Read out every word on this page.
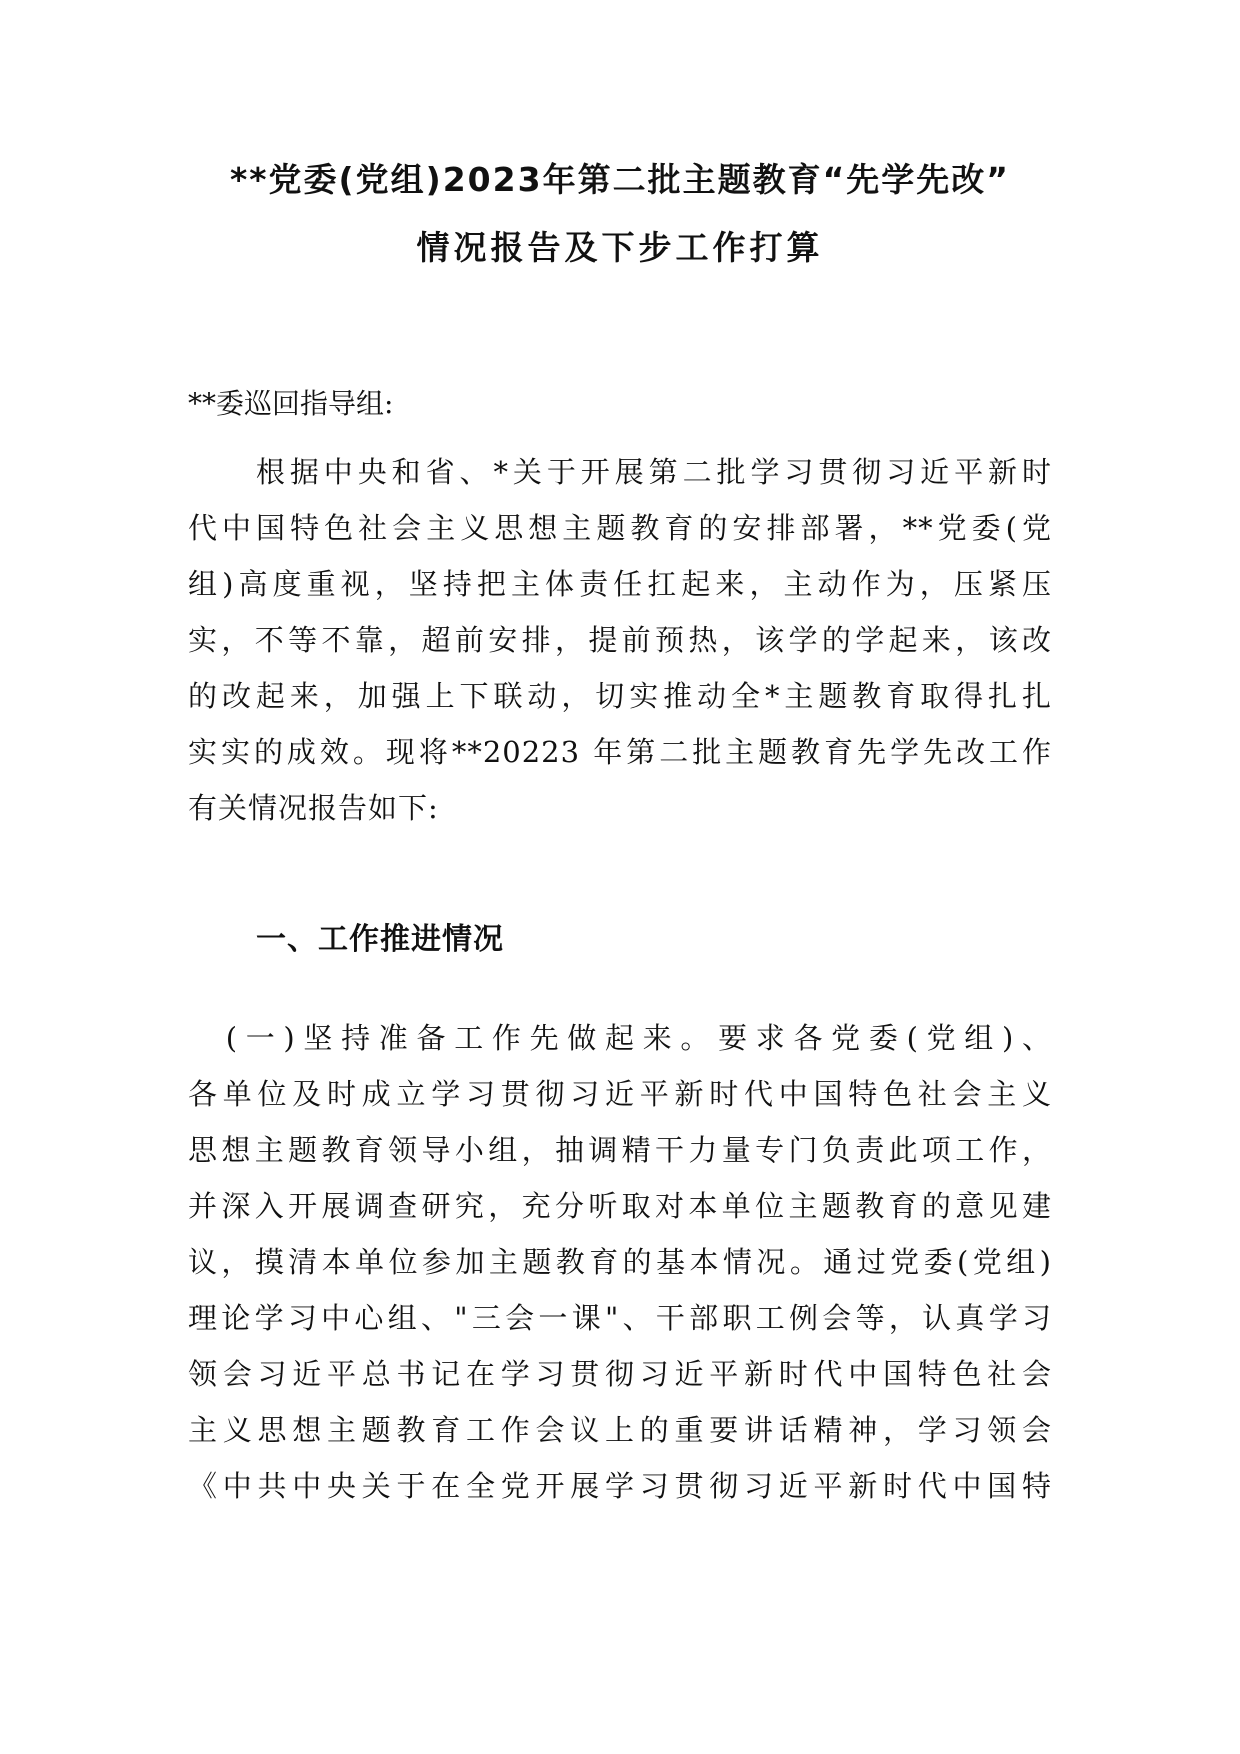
**党委(党组)2023年第二批主题教育“先学先改”
情况报告及下步工作打算
**委巡回指导组:
　　根据中央和省、*关于开展第二批学习贯彻习近平新时
代中国特色社会主义思想主题教育的安排部署，**党委(党
组)高度重视，坚持把主体责任扛起来，主动作为，压紧压
实，不等不靠，超前安排，提前预热，该学的学起来，该改
的改起来，加强上下联动，切实推动全*主题教育取得扎扎
实实的成效。现将**20223 年第二批主题教育先学先改工作
有关情况报告如下:
一、工作推进情况
　(一)坚持准备工作先做起来。要求各党委(党组)、
各单位及时成立学习贯彻习近平新时代中国特色社会主义
思想主题教育领导小组，抽调精干力量专门负责此项工作，
并深入开展调查研究，充分听取对本单位主题教育的意见建
议，摸清本单位参加主题教育的基本情况。通过党委(党组)
理论学习中心组、"三会一课"、干部职工例会等，认真学习
领会习近平总书记在学习贯彻习近平新时代中国特色社会
主义思想主题教育工作会议上的重要讲话精神，学习领会
《中共中央关于在全党开展学习贯彻习近平新时代中国特
